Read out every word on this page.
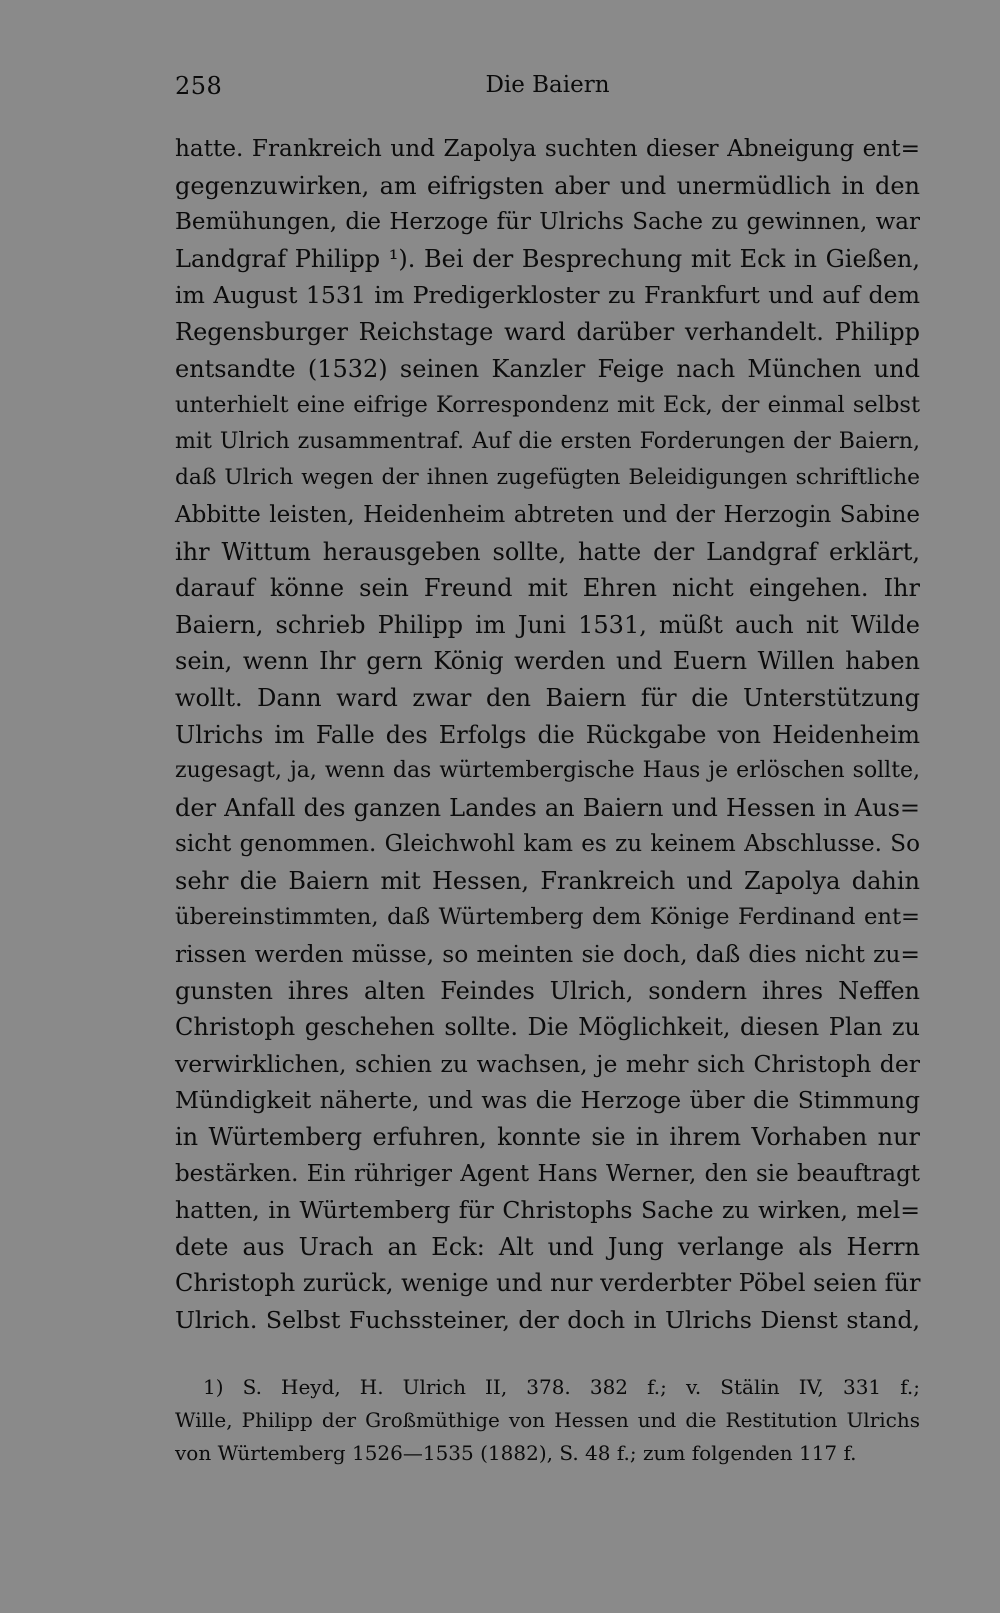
258	Die Baiern
hatte. Frankreich und Zapolya suchten dieser Abneigung ent=
gegenzuwirken, am eifrigsten aber und unermüdlich in den
Bemühungen, die Herzoge für Ulrichs Sache zu gewinnen, war
Landgraf Philipp ¹). Bei der Besprechung mit Eck in Gießen,
im August 1531 im Predigerkloster zu Frankfurt und auf dem
Regensburger Reichstage ward darüber verhandelt. Philipp
entsandte (1532) seinen Kanzler Feige nach München und
unterhielt eine eifrige Korrespondenz mit Eck, der einmal selbst
mit Ulrich zusammentraf. Auf die ersten Forderungen der Baiern,
daß Ulrich wegen der ihnen zugefügten Beleidigungen schriftliche
Abbitte leisten, Heidenheim abtreten und der Herzogin Sabine
ihr Wittum herausgeben sollte, hatte der Landgraf erklärt,
darauf könne sein Freund mit Ehren nicht eingehen. Ihr
Baiern, schrieb Philipp im Juni 1531, müßt auch nit Wilde
sein, wenn Ihr gern König werden und Euern Willen haben
wollt. Dann ward zwar den Baiern für die Unterstützung
Ulrichs im Falle des Erfolgs die Rückgabe von Heidenheim
zugesagt, ja, wenn das würtembergische Haus je erlöschen sollte,
der Anfall des ganzen Landes an Baiern und Hessen in Aus=
sicht genommen. Gleichwohl kam es zu keinem Abschlusse. So
sehr die Baiern mit Hessen, Frankreich und Zapolya dahin
übereinstimmten, daß Würtemberg dem Könige Ferdinand ent=
rissen werden müsse, so meinten sie doch, daß dies nicht zu=
gunsten ihres alten Feindes Ulrich, sondern ihres Neffen
Christoph geschehen sollte. Die Möglichkeit, diesen Plan zu
verwirklichen, schien zu wachsen, je mehr sich Christoph der
Mündigkeit näherte, und was die Herzoge über die Stimmung
in Würtemberg erfuhren, konnte sie in ihrem Vorhaben nur
bestärken. Ein rühriger Agent Hans Werner, den sie beauftragt
hatten, in Würtemberg für Christophs Sache zu wirken, mel=
dete aus Urach an Eck: Alt und Jung verlange als Herrn
Christoph zurück, wenige und nur verderbter Pöbel seien für
Ulrich. Selbst Fuchssteiner, der doch in Ulrichs Dienst stand,
1) S. Heyd, H. Ulrich II, 378. 382 f.; v. Stälin IV, 331 f.;
Wille, Philipp der Großmüthige von Hessen und die Restitution Ulrichs
von Würtemberg 1526—1535 (1882), S. 48 f.; zum folgenden 117 f.
